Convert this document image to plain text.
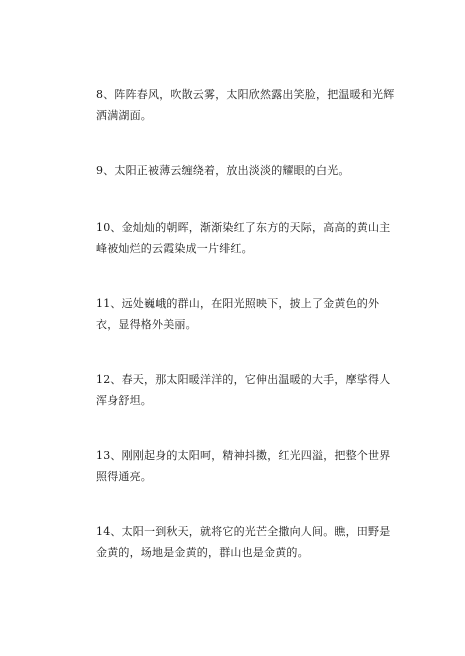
8、阵阵春风，吹散云雾，太阳欣然露出笑脸，把温暖和光辉洒满湖面。

9、太阳正被薄云缠绕着，放出淡淡的耀眼的白光。

10、金灿灿的朝晖，渐渐染红了东方的天际，高高的黄山主峰被灿烂的云霞染成一片绯红。

11、远处巍峨的群山，在阳光照映下，披上了金黄色的外衣，显得格外美丽。

12、春天，那太阳暖洋洋的，它伸出温暖的大手，摩挲得人浑身舒坦。

13、刚刚起身的太阳呵，精神抖擞，红光四溢，把整个世界照得通亮。

14、太阳一到秋天，就将它的光芒全撒向人间。瞧，田野是金黄的，场地是金黄的，群山也是金黄的。
